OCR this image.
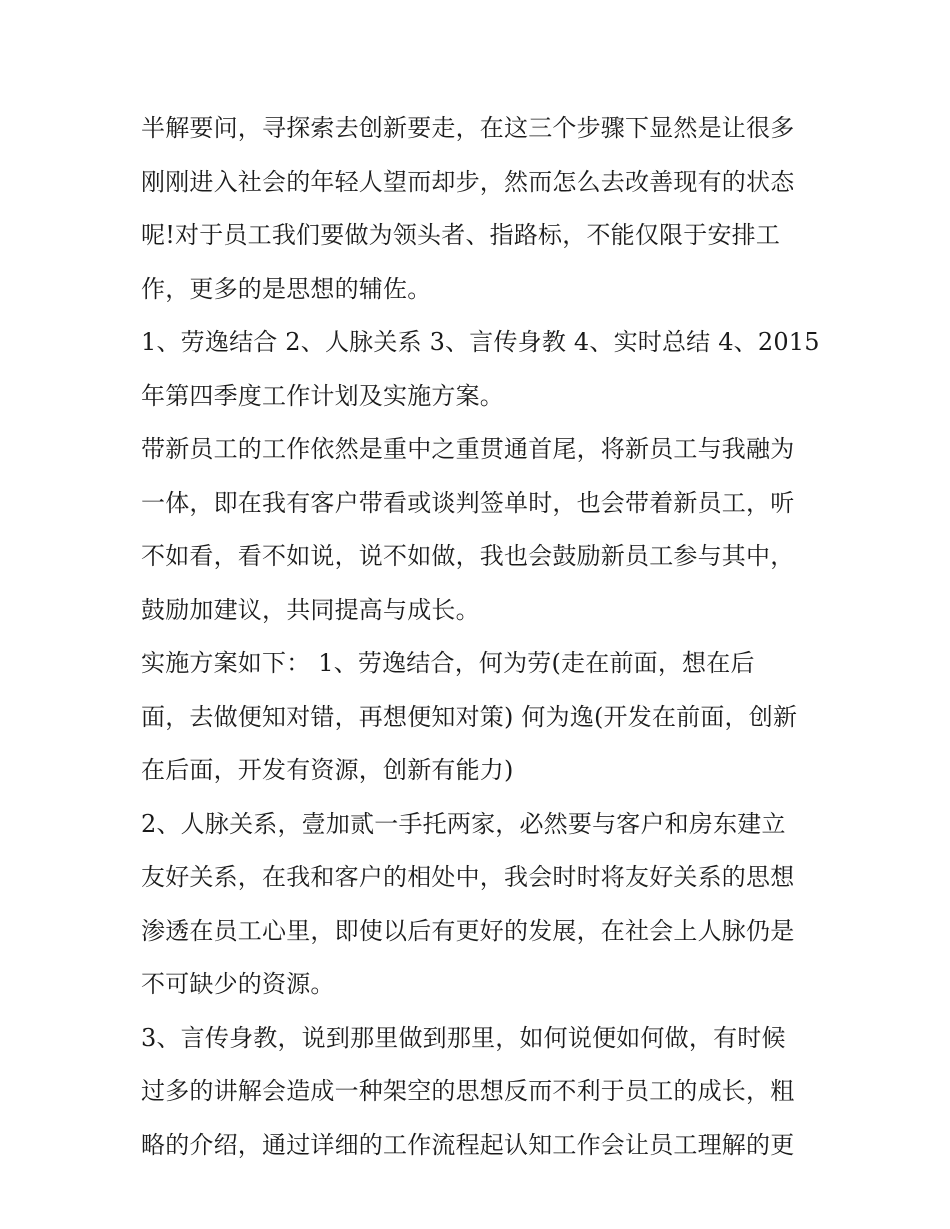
半解要问，寻探索去创新要走，在这三个步骤下显然是让很多
刚刚进入社会的年轻人望而却步，然而怎么去改善现有的状态
呢!对于员工我们要做为领头者、指路标，不能仅限于安排工
作，更多的是思想的辅佐。
1、劳逸结合 2、人脉关系 3、言传身教 4、实时总结 4、2015
年第四季度工作计划及实施方案。
带新员工的工作依然是重中之重贯通首尾，将新员工与我融为
一体，即在我有客户带看或谈判签单时，也会带着新员工，听
不如看，看不如说，说不如做，我也会鼓励新员工参与其中，
鼓励加建议，共同提高与成长。
实施方案如下： 1、劳逸结合，何为劳(走在前面，想在后
面，去做便知对错，再想便知对策) 何为逸(开发在前面，创新
在后面，开发有资源，创新有能力)
2、人脉关系，壹加贰一手托两家，必然要与客户和房东建立
友好关系，在我和客户的相处中，我会时时将友好关系的思想
渗透在员工心里，即使以后有更好的发展，在社会上人脉仍是
不可缺少的资源。
3、言传身教，说到那里做到那里，如何说便如何做，有时候
过多的讲解会造成一种架空的思想反而不利于员工的成长，粗
略的介绍，通过详细的工作流程起认知工作会让员工理解的更
